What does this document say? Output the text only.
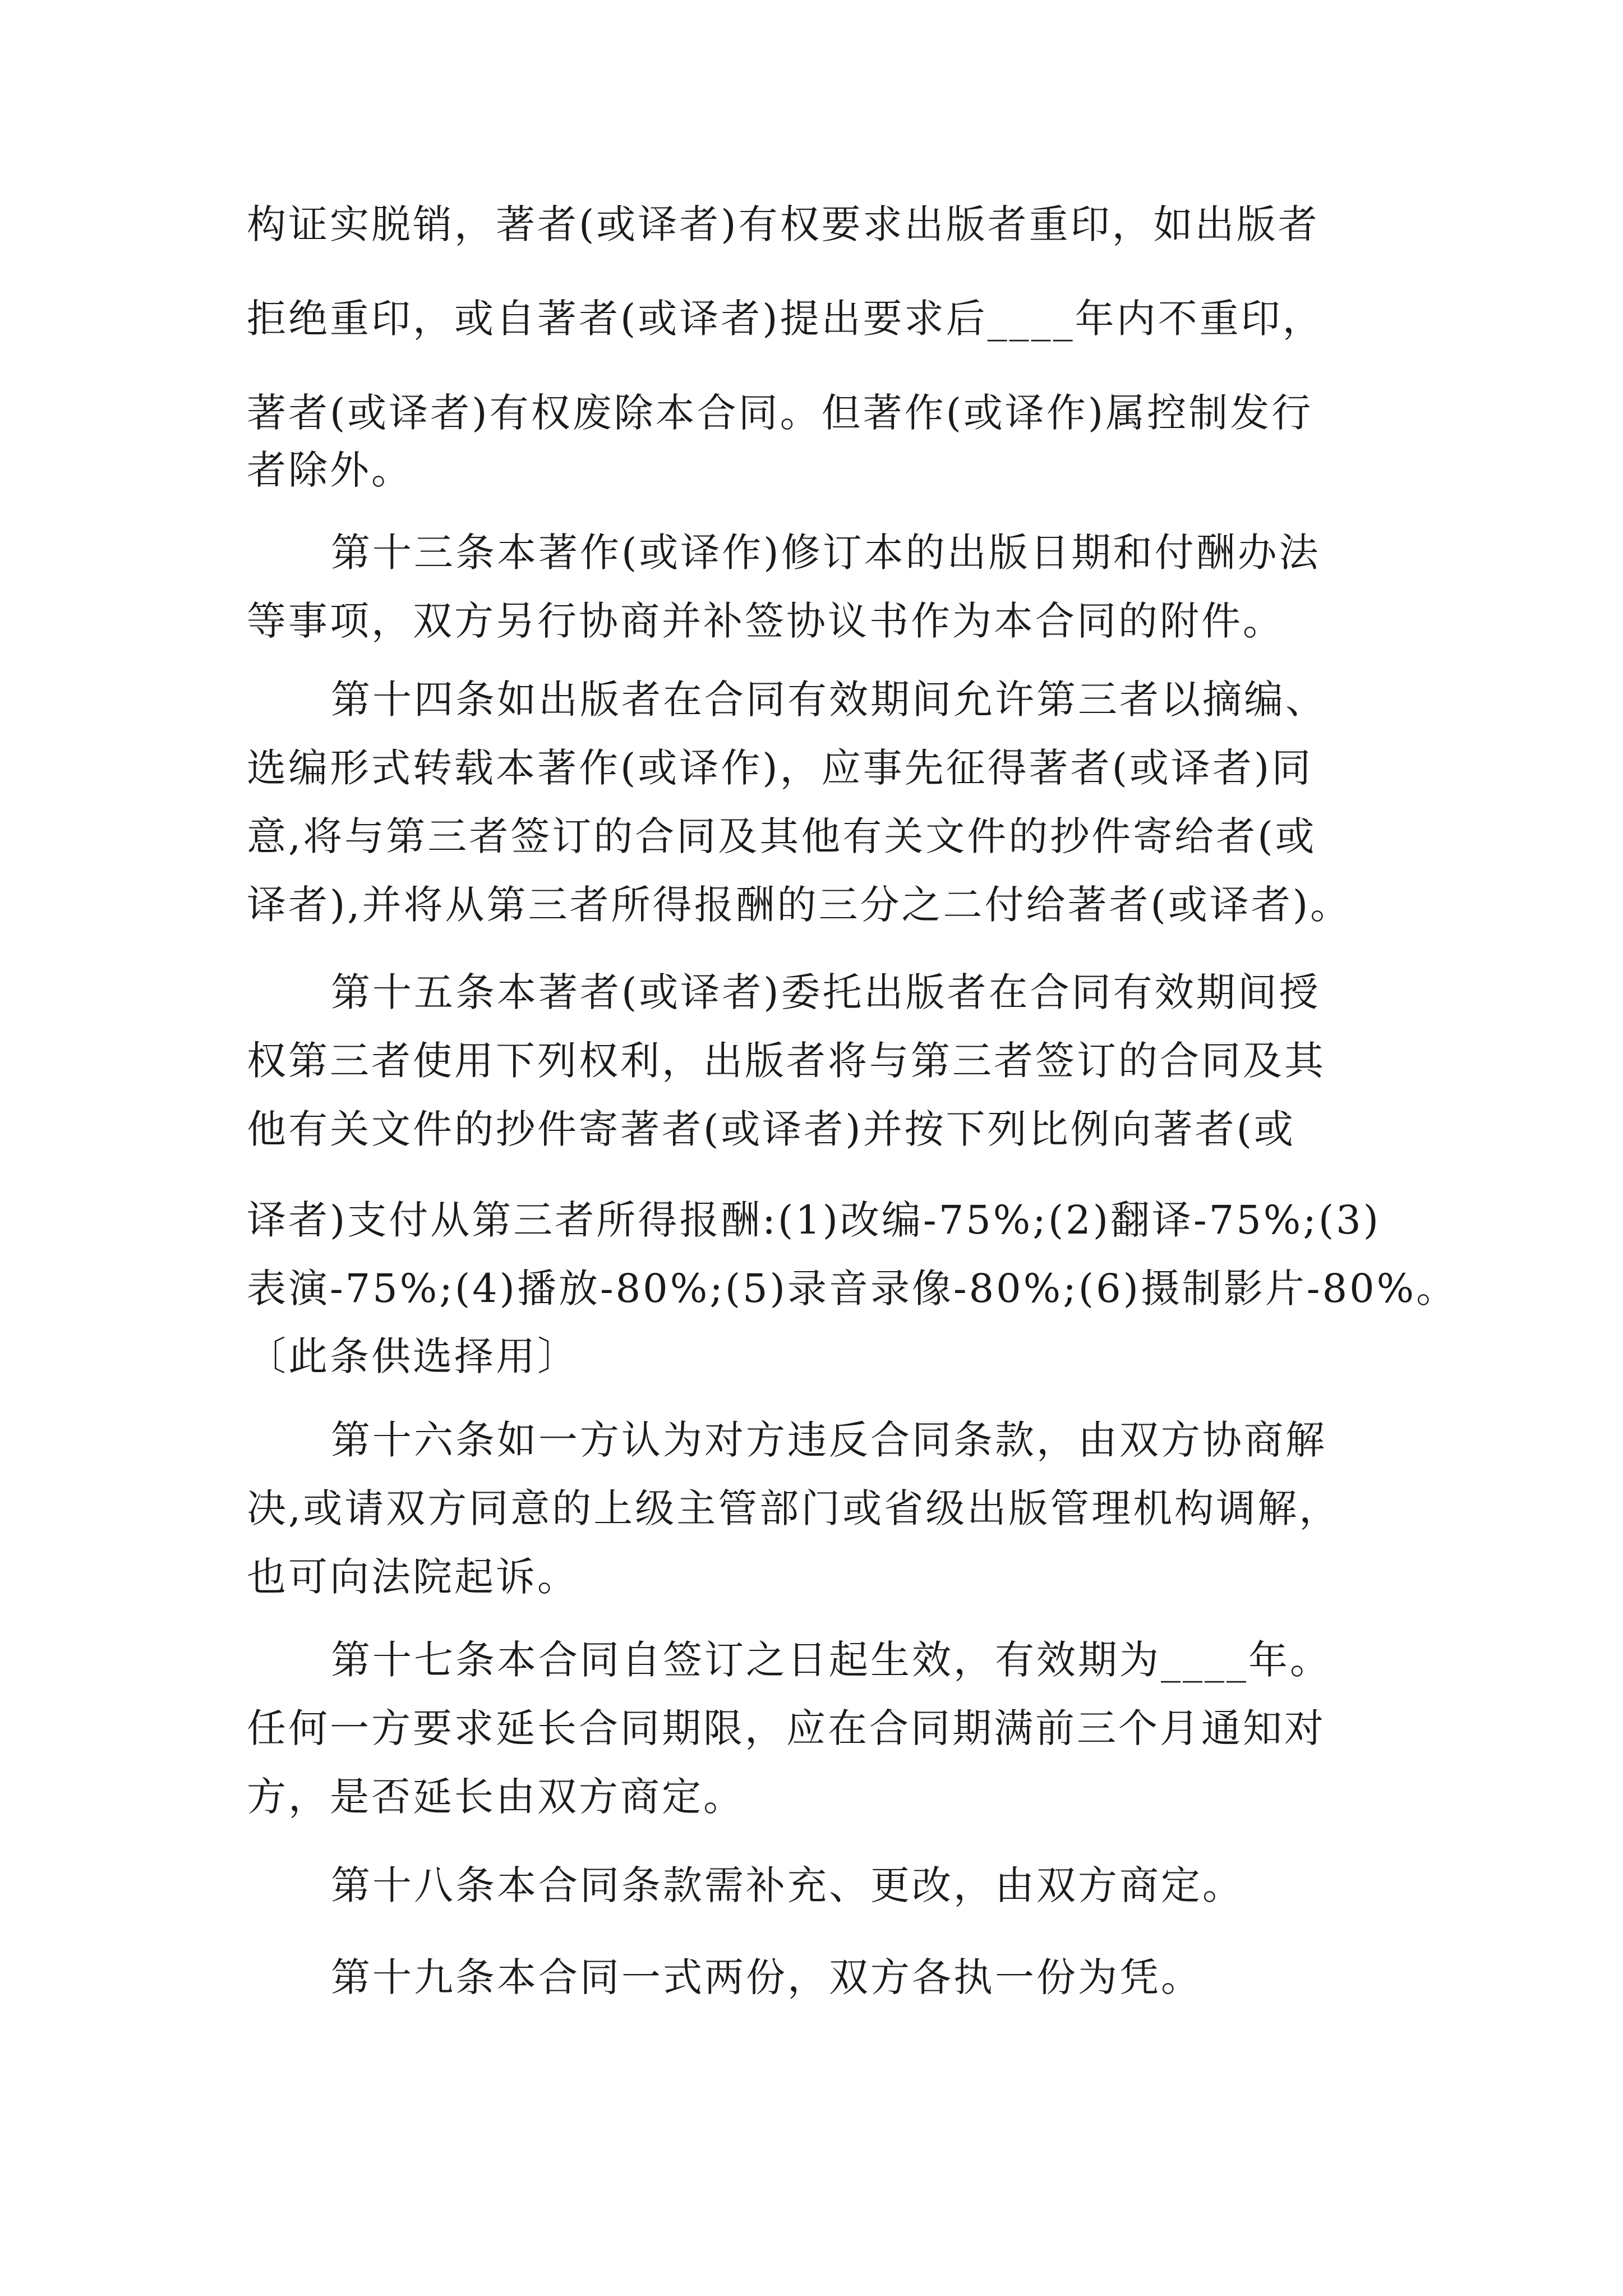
构证实脱销，著者(或译者)有权要求出版者重印，如出版者
拒绝重印，或自著者(或译者)提出要求后____年内不重印，
著者(或译者)有权废除本合同。但著作(或译作)属控制发行
者除外。
第十三条本著作(或译作)修订本的出版日期和付酬办法
等事项，双方另行协商并补签协议书作为本合同的附件。
第十四条如出版者在合同有效期间允许第三者以摘编、
选编形式转载本著作(或译作)，应事先征得著者(或译者)同
意,将与第三者签订的合同及其他有关文件的抄件寄给者(或
译者),并将从第三者所得报酬的三分之二付给著者(或译者)。
第十五条本著者(或译者)委托出版者在合同有效期间授
权第三者使用下列权利，出版者将与第三者签订的合同及其
他有关文件的抄件寄著者(或译者)并按下列比例向著者(或
译者)支付从第三者所得报酬:(1)改编-75%;(2)翻译-75%;(3)
表演-75%;(4)播放-80%;(5)录音录像-80%;(6)摄制影片-80%。
〔此条供选择用〕
第十六条如一方认为对方违反合同条款，由双方协商解
决,或请双方同意的上级主管部门或省级出版管理机构调解，
也可向法院起诉。
第十七条本合同自签订之日起生效，有效期为____年。
任何一方要求延长合同期限，应在合同期满前三个月通知对
方，是否延长由双方商定。
第十八条本合同条款需补充、更改，由双方商定。
第十九条本合同一式两份，双方各执一份为凭。
